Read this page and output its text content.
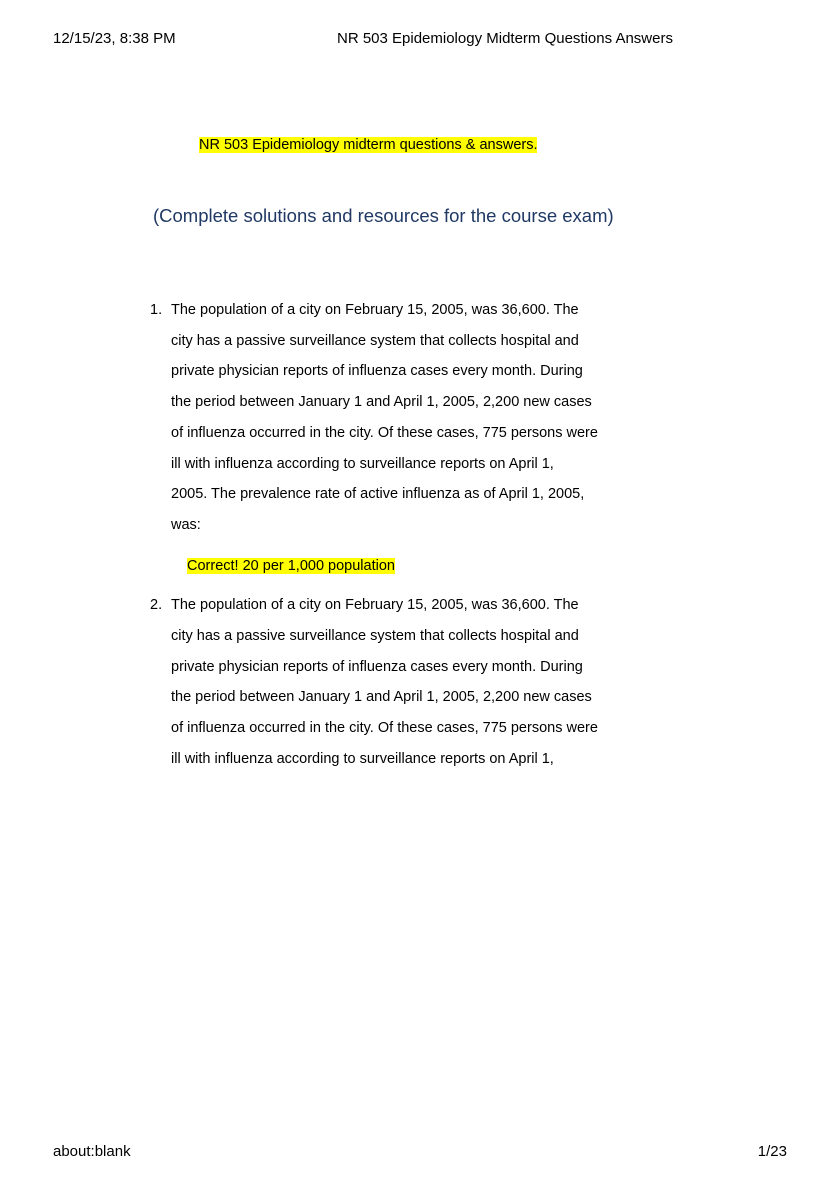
12/15/23, 8:38 PM	NR 503 Epidemiology Midterm Questions Answers
NR 503 Epidemiology midterm questions & answers.
(Complete solutions and resources for the course exam)
1. The population of a city on February 15, 2005, was 36,600. The
city has a passive surveillance system that collects hospital and
private physician reports of influenza cases every month. During
the period between January 1 and April 1, 2005, 2,200 new cases
of influenza occurred in the city. Of these cases, 775 persons were
ill with influenza according to surveillance reports on April 1,
2005. The prevalence rate of active influenza as of April 1, 2005,
was:
Correct! 20 per 1,000 population
2. The population of a city on February 15, 2005, was 36,600. The
city has a passive surveillance system that collects hospital and
private physician reports of influenza cases every month. During
the period between January 1 and April 1, 2005, 2,200 new cases
of influenza occurred in the city. Of these cases, 775 persons were
ill with influenza according to surveillance reports on April 1,
about:blank	1/23
